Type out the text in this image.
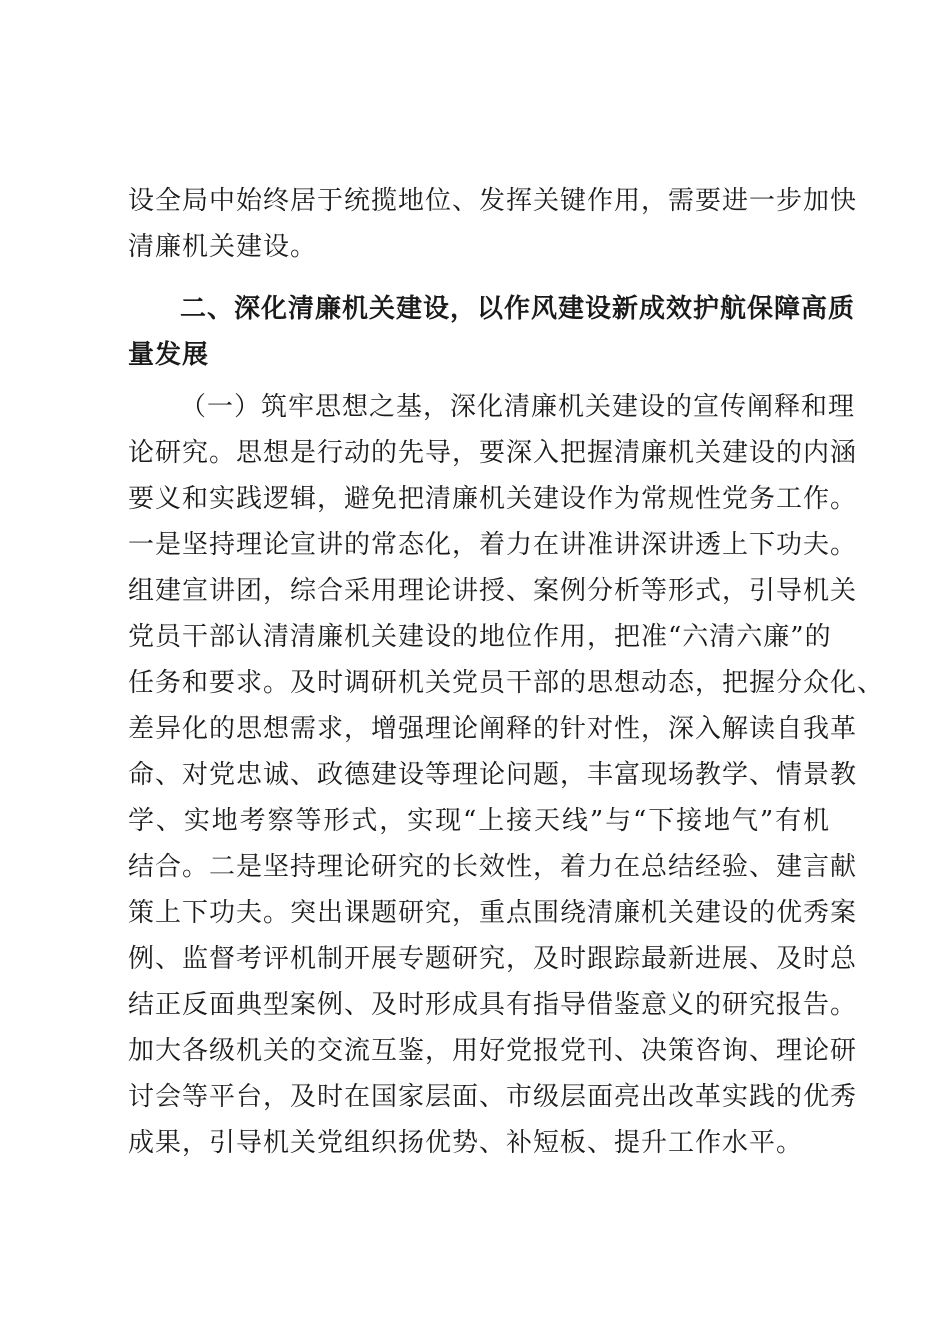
设全局中始终居于统揽地位、发挥关键作用，需要进一步加快
清廉机关建设。
二、深化清廉机关建设，以作风建设新成效护航保障高质
量发展
（一）筑牢思想之基，深化清廉机关建设的宣传阐释和理
论研究。思想是行动的先导，要深入把握清廉机关建设的内涵
要义和实践逻辑，避免把清廉机关建设作为常规性党务工作。
一是坚持理论宣讲的常态化，着力在讲准讲深讲透上下功夫。
组建宣讲团，综合采用理论讲授、案例分析等形式，引导机关
党员干部认清清廉机关建设的地位作用，把准“六清六廉”的
任务和要求。及时调研机关党员干部的思想动态，把握分众化、
差异化的思想需求，增强理论阐释的针对性，深入解读自我革
命、对党忠诚、政德建设等理论问题，丰富现场教学、情景教
学、实地考察等形式，实现“上接天线”与“下接地气”有机
结合。二是坚持理论研究的长效性，着力在总结经验、建言献
策上下功夫。突出课题研究，重点围绕清廉机关建设的优秀案
例、监督考评机制开展专题研究，及时跟踪最新进展、及时总
结正反面典型案例、及时形成具有指导借鉴意义的研究报告。
加大各级机关的交流互鉴，用好党报党刊、决策咨询、理论研
讨会等平台，及时在国家层面、市级层面亮出改革实践的优秀
成果，引导机关党组织扬优势、补短板、提升工作水平。
